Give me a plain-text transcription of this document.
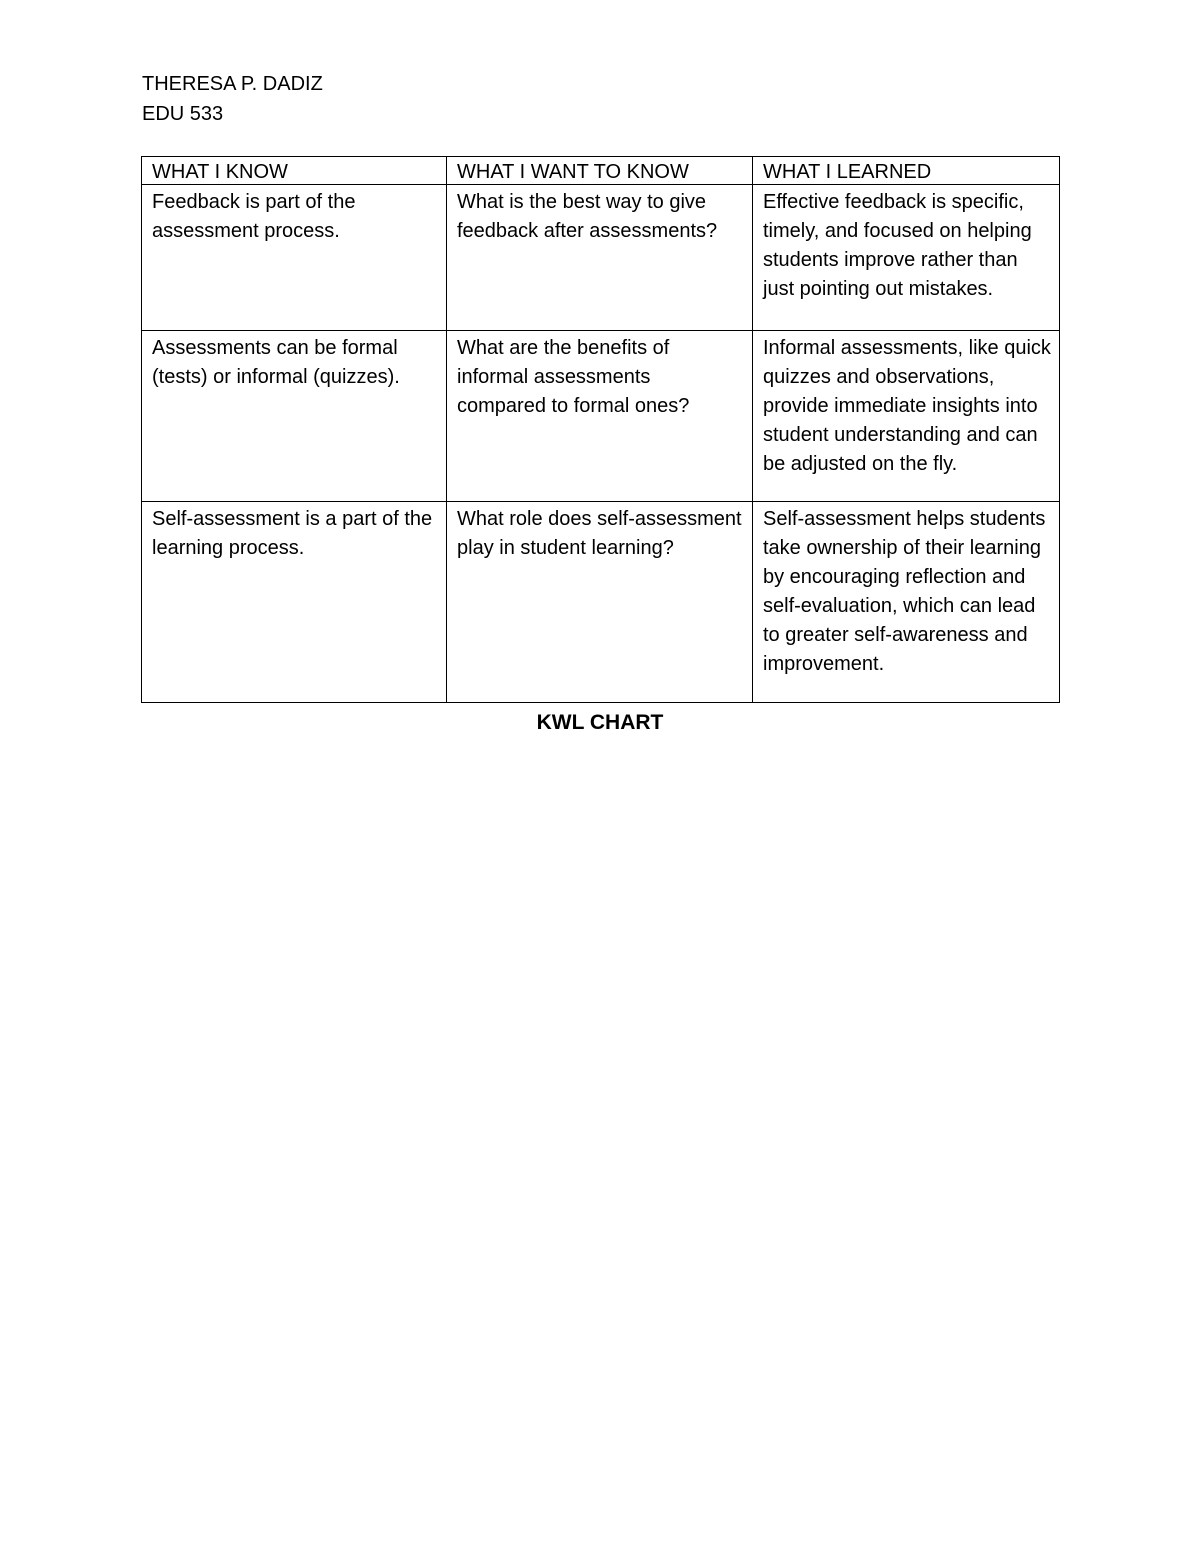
THERESA P. DADIZ
EDU 533
WHAT I KNOW	WHAT I WANT TO KNOW	WHAT I LEARNED
Feedback is part of the assessment process.	What is the best way to give feedback after assessments?	Effective feedback is specific, timely, and focused on helping students improve rather than just pointing out mistakes.
Assessments can be formal (tests) or informal (quizzes).	What are the benefits of informal assessments compared to formal ones?	Informal assessments, like quick quizzes and observations, provide immediate insights into student understanding and can be adjusted on the fly.
Self-assessment is a part of the learning process.	What role does self-assessment play in student learning?	Self-assessment helps students take ownership of their learning by encouraging reflection and self-evaluation, which can lead to greater self-awareness and improvement.
KWL CHART
